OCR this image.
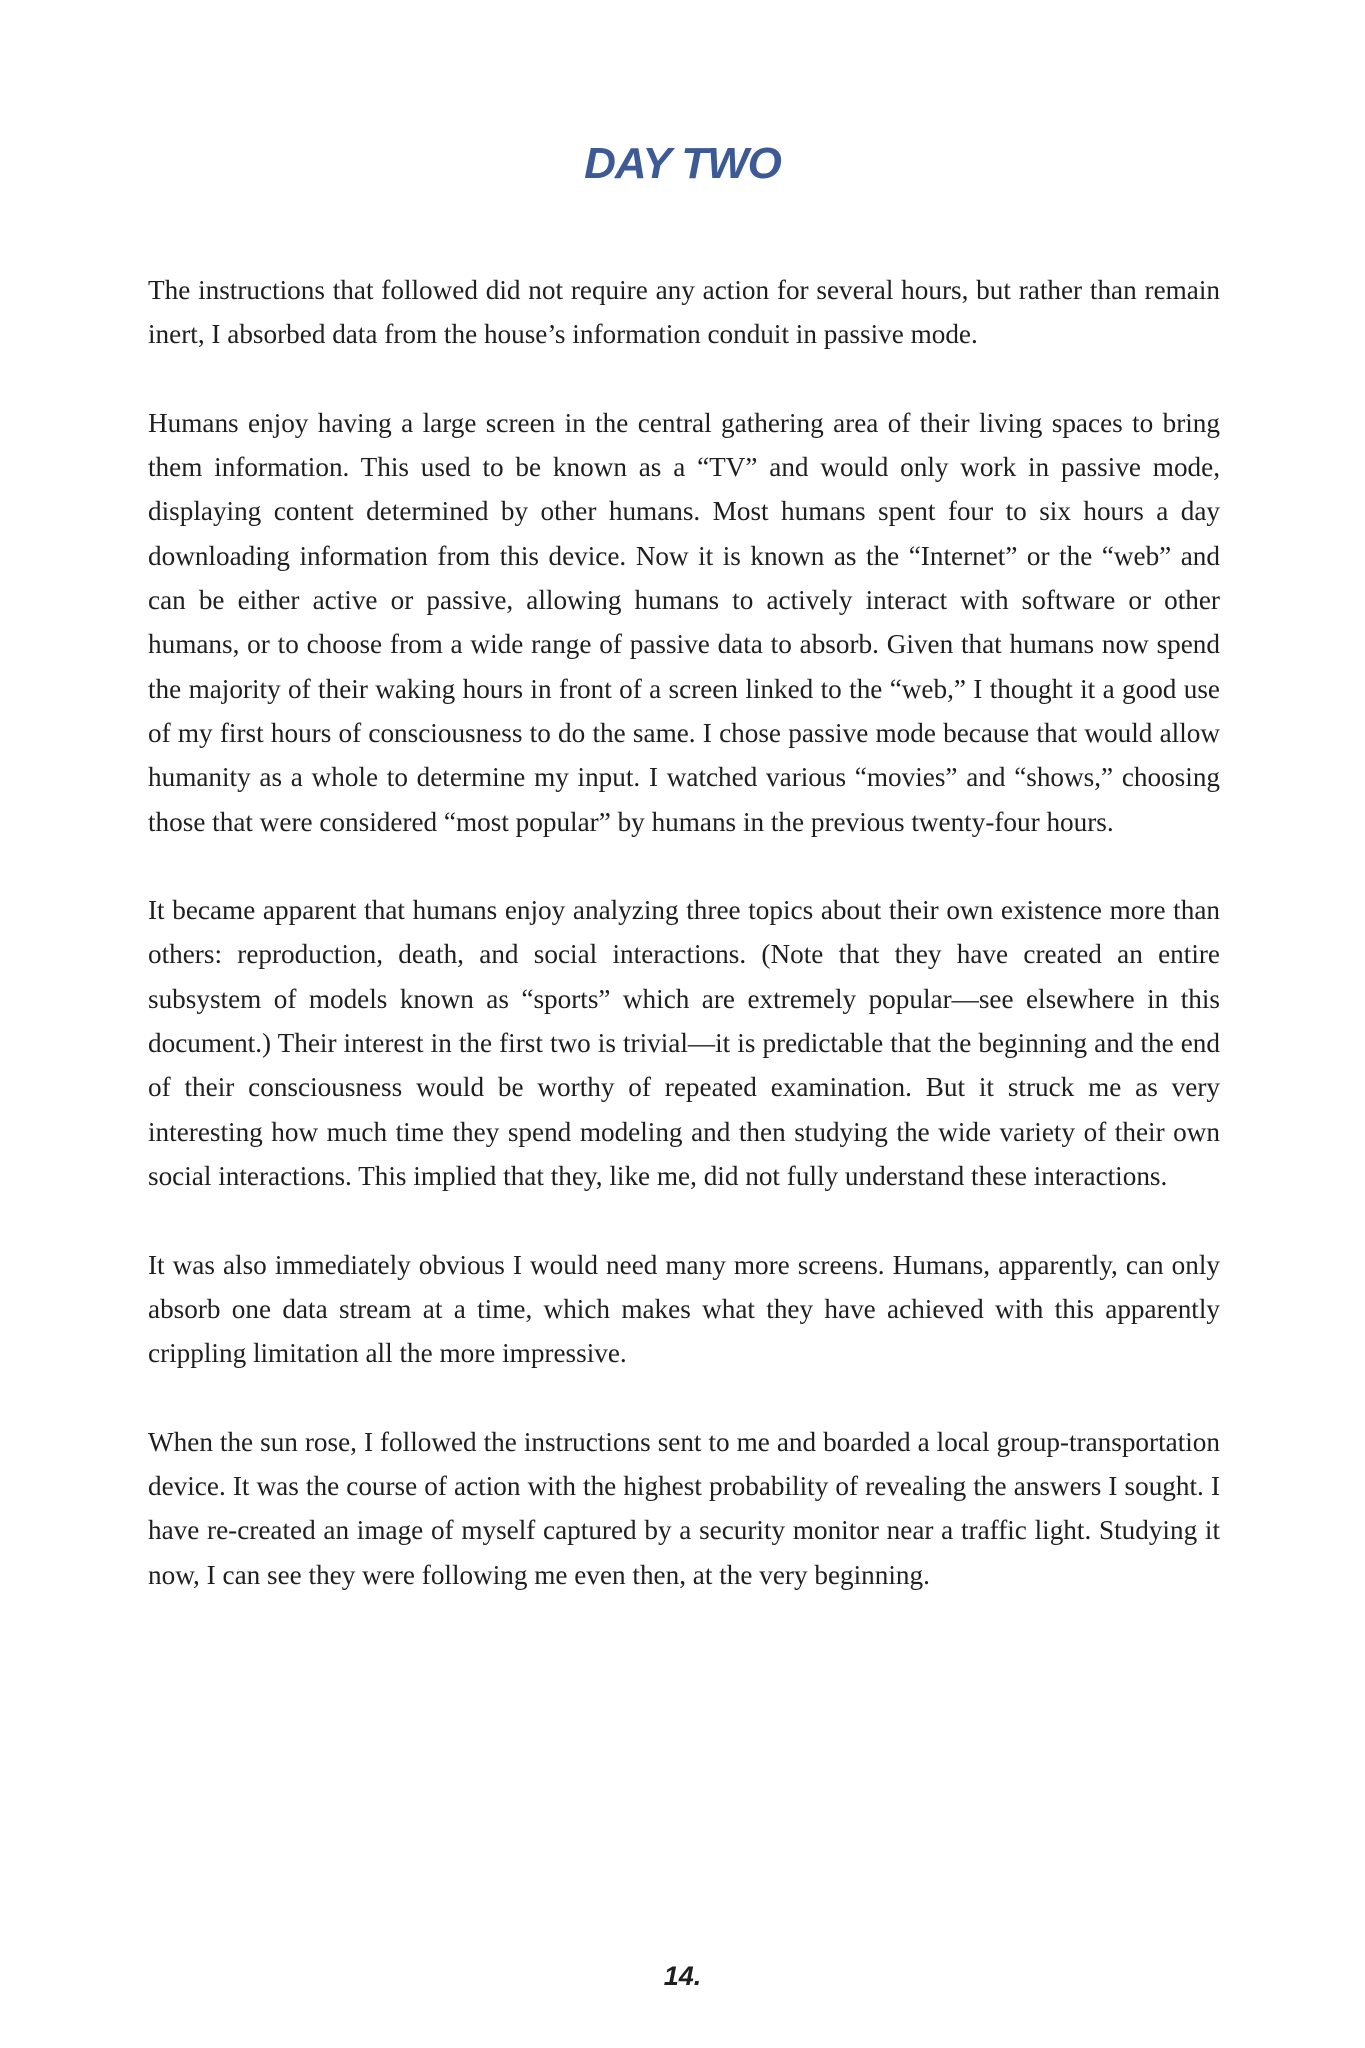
DAY TWO

The instructions that followed did not require any action for several hours, but rather than remain inert, I absorbed data from the house’s information conduit in passive mode.

Humans enjoy having a large screen in the central gathering area of their living spaces to bring them information. This used to be known as a “TV” and would only work in passive mode, displaying content determined by other humans. Most humans spent four to six hours a day downloading information from this device. Now it is known as the “Internet” or the “web” and can be either active or passive, allowing humans to actively interact with software or other humans, or to choose from a wide range of passive data to absorb. Given that humans now spend the majority of their waking hours in front of a screen linked to the “web,” I thought it a good use of my first hours of consciousness to do the same. I chose passive mode because that would allow humanity as a whole to determine my input. I watched various “movies” and “shows,” choosing those that were considered “most popular” by humans in the previous twenty-four hours.

It became apparent that humans enjoy analyzing three topics about their own existence more than others: reproduction, death, and social interactions. (Note that they have created an entire subsystem of models known as “sports” which are extremely popular—see elsewhere in this document.) Their interest in the first two is trivial—it is predictable that the beginning and the end of their consciousness would be worthy of repeated examination. But it struck me as very interesting how much time they spend modeling and then studying the wide variety of their own social interactions. This implied that they, like me, did not fully understand these interactions.

It was also immediately obvious I would need many more screens. Humans, apparently, can only absorb one data stream at a time, which makes what they have achieved with this apparently crippling limitation all the more impressive.

When the sun rose, I followed the instructions sent to me and boarded a local group-transportation device. It was the course of action with the highest probability of revealing the answers I sought. I have re-created an image of myself captured by a security monitor near a traffic light. Studying it now, I can see they were following me even then, at the very beginning.

14.
